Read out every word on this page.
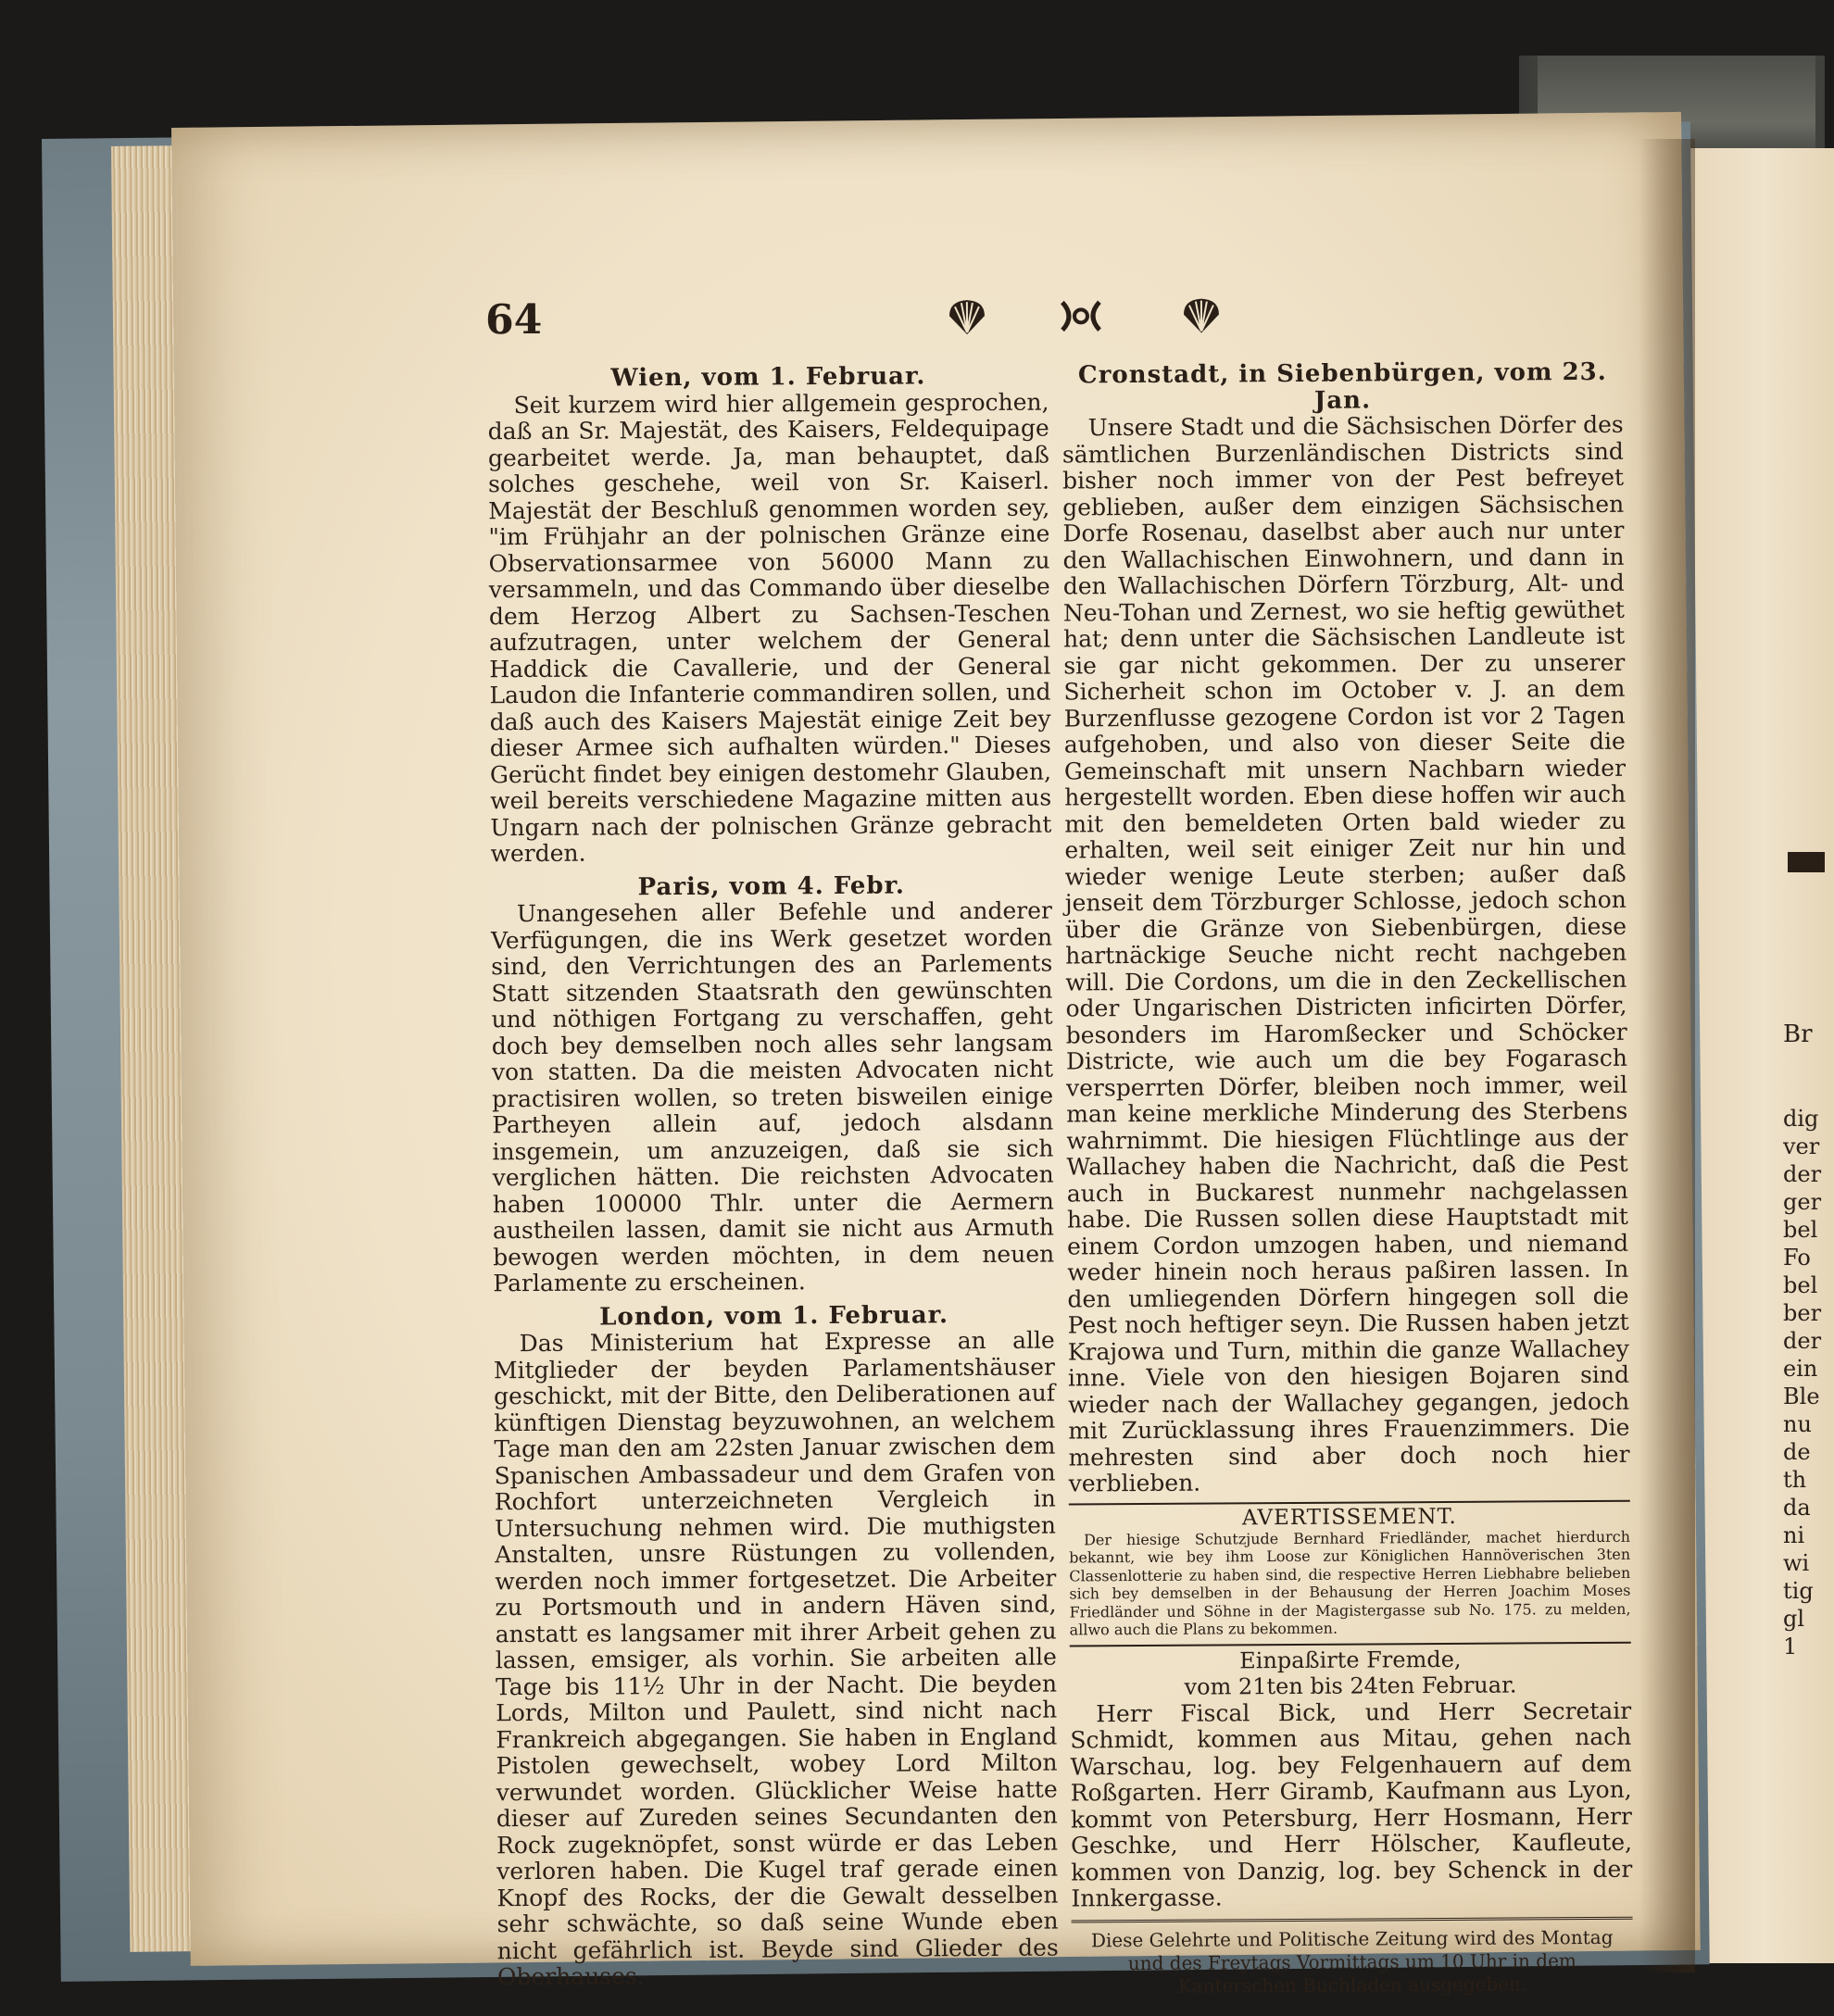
64

Wien, vom 1. Februar.

Seit kurzem wird hier allgemein gesprochen, daß an Sr. Majestät, des Kaisers, Feldequipage gearbeitet werde. Ja, man behauptet, daß solches geschehe, weil von Sr. Kaiserl. Majestät der Beschluß genommen worden sey, "im Frühjahr an der polnischen Gränze eine Observationsarmee von 56000 Mann zu versammeln, und das Commando über dieselbe dem Herzog Albert zu Sachsen-Teschen aufzutragen, unter welchem der General Haddick die Cavallerie, und der General Laudon die Infanterie commandiren sollen, und daß auch des Kaisers Majestät einige Zeit bey dieser Armee sich aufhalten würden." Dieses Gerücht findet bey einigen destomehr Glauben, weil bereits verschiedene Magazine mitten aus Ungarn nach der polnischen Gränze gebracht werden.

Paris, vom 4. Febr.

Unangesehen aller Befehle und anderer Verfügungen, die ins Werk gesetzet worden sind, den Verrichtungen des an Parlements Statt sitzenden Staatsrath den gewünschten und nöthigen Fortgang zu verschaffen, geht doch bey demselben noch alles sehr langsam von statten. Da die meisten Advocaten nicht practisiren wollen, so treten bisweilen einige Partheyen allein auf, jedoch alsdann insgemein, um anzuzeigen, daß sie sich verglichen hätten. Die reichsten Advocaten haben 100000 Thlr. unter die Aermern austheilen lassen, damit sie nicht aus Armuth bewogen werden möchten, in dem neuen Parlamente zu erscheinen.

London, vom 1. Februar.

Das Ministerium hat Expresse an alle Mitglieder der beyden Parlamentshäuser geschickt, mit der Bitte, den Deliberationen auf künftigen Dienstag beyzuwohnen, an welchem Tage man den am 22sten Januar zwischen dem Spanischen Ambassadeur und dem Grafen von Rochfort unterzeichneten Vergleich in Untersuchung nehmen wird. Die muthigsten Anstalten, unsre Rüstungen zu vollenden, werden noch immer fortgesetzet. Die Arbeiter zu Portsmouth und in andern Häven sind, anstatt es langsamer mit ihrer Arbeit gehen zu lassen, emsiger, als vorhin. Sie arbeiten alle Tage bis 11½ Uhr in der Nacht. Die beyden Lords, Milton und Paulett, sind nicht nach Frankreich abgegangen. Sie haben in England Pistolen gewechselt, wobey Lord Milton verwundet worden. Glücklicher Weise hatte dieser auf Zureden seines Secundanten den Rock zugeknöpfet, sonst würde er das Leben verloren haben. Die Kugel traf gerade einen Knopf des Rocks, der die Gewalt desselben sehr schwächte, so daß seine Wunde eben nicht gefährlich ist. Beyde sind Glieder des Oberhauses.

Cronstadt, in Siebenbürgen, vom 23. Jan.

Unsere Stadt und die Sächsischen Dörfer des sämtlichen Burzenländischen Districts sind bisher noch immer von der Pest befreyet geblieben, außer dem einzigen Sächsischen Dorfe Rosenau, daselbst aber auch nur unter den Wallachischen Einwohnern, und dann in den Wallachischen Dörfern Törzburg, Alt- und Neu-Tohan und Zernest, wo sie heftig gewüthet hat; denn unter die Sächsischen Landleute ist sie gar nicht gekommen. Der zu unserer Sicherheit schon im October v. J. an dem Burzenflusse gezogene Cordon ist vor 2 Tagen aufgehoben, und also von dieser Seite die Gemeinschaft mit unsern Nachbarn wieder hergestellt worden. Eben diese hoffen wir auch mit den bemeldeten Orten bald wieder zu erhalten, weil seit einiger Zeit nur hin und wieder wenige Leute sterben; außer daß jenseit dem Törzburger Schlosse, jedoch schon über die Gränze von Siebenbürgen, diese hartnäckige Seuche nicht recht nachgeben will. Die Cordons, um die in den Zeckellischen oder Ungarischen Districten inficirten Dörfer, besonders im Haromßecker und Schöcker Districte, wie auch um die bey Fogarasch versperrten Dörfer, bleiben noch immer, weil man keine merkliche Minderung des Sterbens wahrnimmt. Die hiesigen Flüchtlinge aus der Wallachey haben die Nachricht, daß die Pest auch in Buckarest nunmehr nachgelassen habe. Die Russen sollen diese Hauptstadt mit einem Cordon umzogen haben, und niemand weder hinein noch heraus paßiren lassen. In den umliegenden Dörfern hingegen soll die Pest noch heftiger seyn. Die Russen haben jetzt Krajowa und Turn, mithin die ganze Wallachey inne. Viele von den hiesigen Bojaren sind wieder nach der Wallachey gegangen, jedoch mit Zurücklassung ihres Frauenzimmers. Die mehresten sind aber doch noch hier verblieben.

AVERTISSEMENT.

Der hiesige Schutzjude Bernhard Friedländer, machet hierdurch bekannt, wie bey ihm Loose zur Königlichen Hannöverischen 3ten Classenlotterie zu haben sind, die respective Herren Liebhabre belieben sich bey demselben in der Behausung der Herren Joachim Moses Friedländer und Söhne in der Magistergasse sub No. 175. zu melden, allwo auch die Plans zu bekommen.

Einpaßirte Fremde,

vom 21ten bis 24ten Februar.

Herr Fiscal Bick, und Herr Secretair Schmidt, kommen aus Mitau, gehen nach Warschau, log. bey Felgenhauern auf dem Roßgarten. Herr Giramb, Kaufmann aus Lyon, kommt von Petersburg, Herr Hosmann, Herr Geschke, und Herr Hölscher, Kaufleute, kommen von Danzig, log. bey Schenck in der Innkergasse.

Diese Gelehrte und Politische Zeitung wird des Montag und des Freytags Vormittags um 10 Uhr in dem Kanterschen Buchladen ausgegeben.

Br
dig
ver
der
ger
bel
Fo
bel
ber
der
ein
Ble
nu
de
th
da
ni
wi
tig
gl
1
